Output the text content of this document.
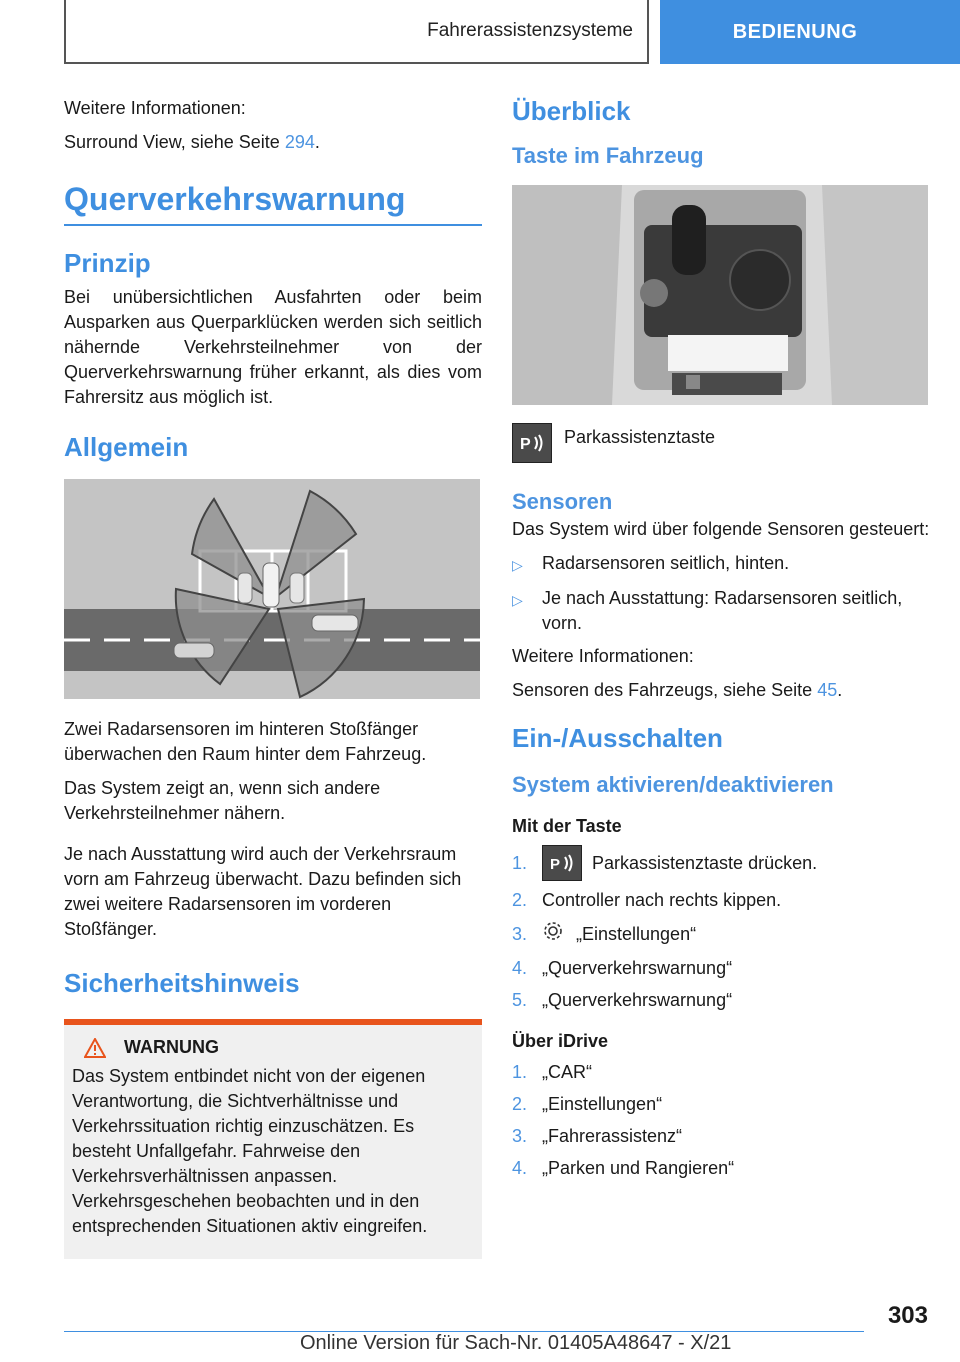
Fahrerassistenzsysteme	BEDIENUNG
Weitere Informationen:
Surround View, siehe Seite 294.
Querverkehrswarnung
Prinzip
Bei unübersichtlichen Ausfahrten oder beim Ausparken aus Querparklücken werden sich seitlich nähernde Verkehrsteilnehmer von der Querverkehrswarnung früher erkannt, als dies vom Fahrersitz aus möglich ist.
Allgemein
Zwei Radarsensoren im hinteren Stoßfänger überwachen den Raum hinter dem Fahrzeug.
Das System zeigt an, wenn sich andere Verkehrsteilnehmer nähern.
Je nach Ausstattung wird auch der Verkehrsraum vorn am Fahrzeug überwacht. Dazu befinden sich zwei weitere Radarsensoren im vorderen Stoßfänger.
Sicherheitshinweis
WARNUNG
Das System entbindet nicht von der eigenen Verantwortung, die Sichtverhältnisse und Verkehrssituation richtig einzuschätzen. Es besteht Unfallgefahr. Fahrweise den Verkehrsverhältnissen anpassen. Verkehrsgeschehen beobachten und in den entsprechenden Situationen aktiv eingreifen.
Überblick
Taste im Fahrzeug
P Parkassistenztaste
Sensoren
Das System wird über folgende Sensoren gesteuert:
▷	Radarsensoren seitlich, hinten.
▷	Je nach Ausstattung: Radarsensoren seitlich, vorn.
Weitere Informationen:
Sensoren des Fahrzeugs, siehe Seite 45.
Ein-/Ausschalten
System aktivieren/deaktivieren
Mit der Taste
1.	P Parkassistenztaste drücken.
2. Controller nach rechts kippen.
3.	„Einstellungen“
4. „Querverkehrswarnung“
5. „Querverkehrswarnung“
Über iDrive
1. „CAR“
2. „Einstellungen“
3. „Fahrerassistenz“
4. „Parken und Rangieren“
303
Online Version für Sach-Nr. 01405A48647 - X/21
